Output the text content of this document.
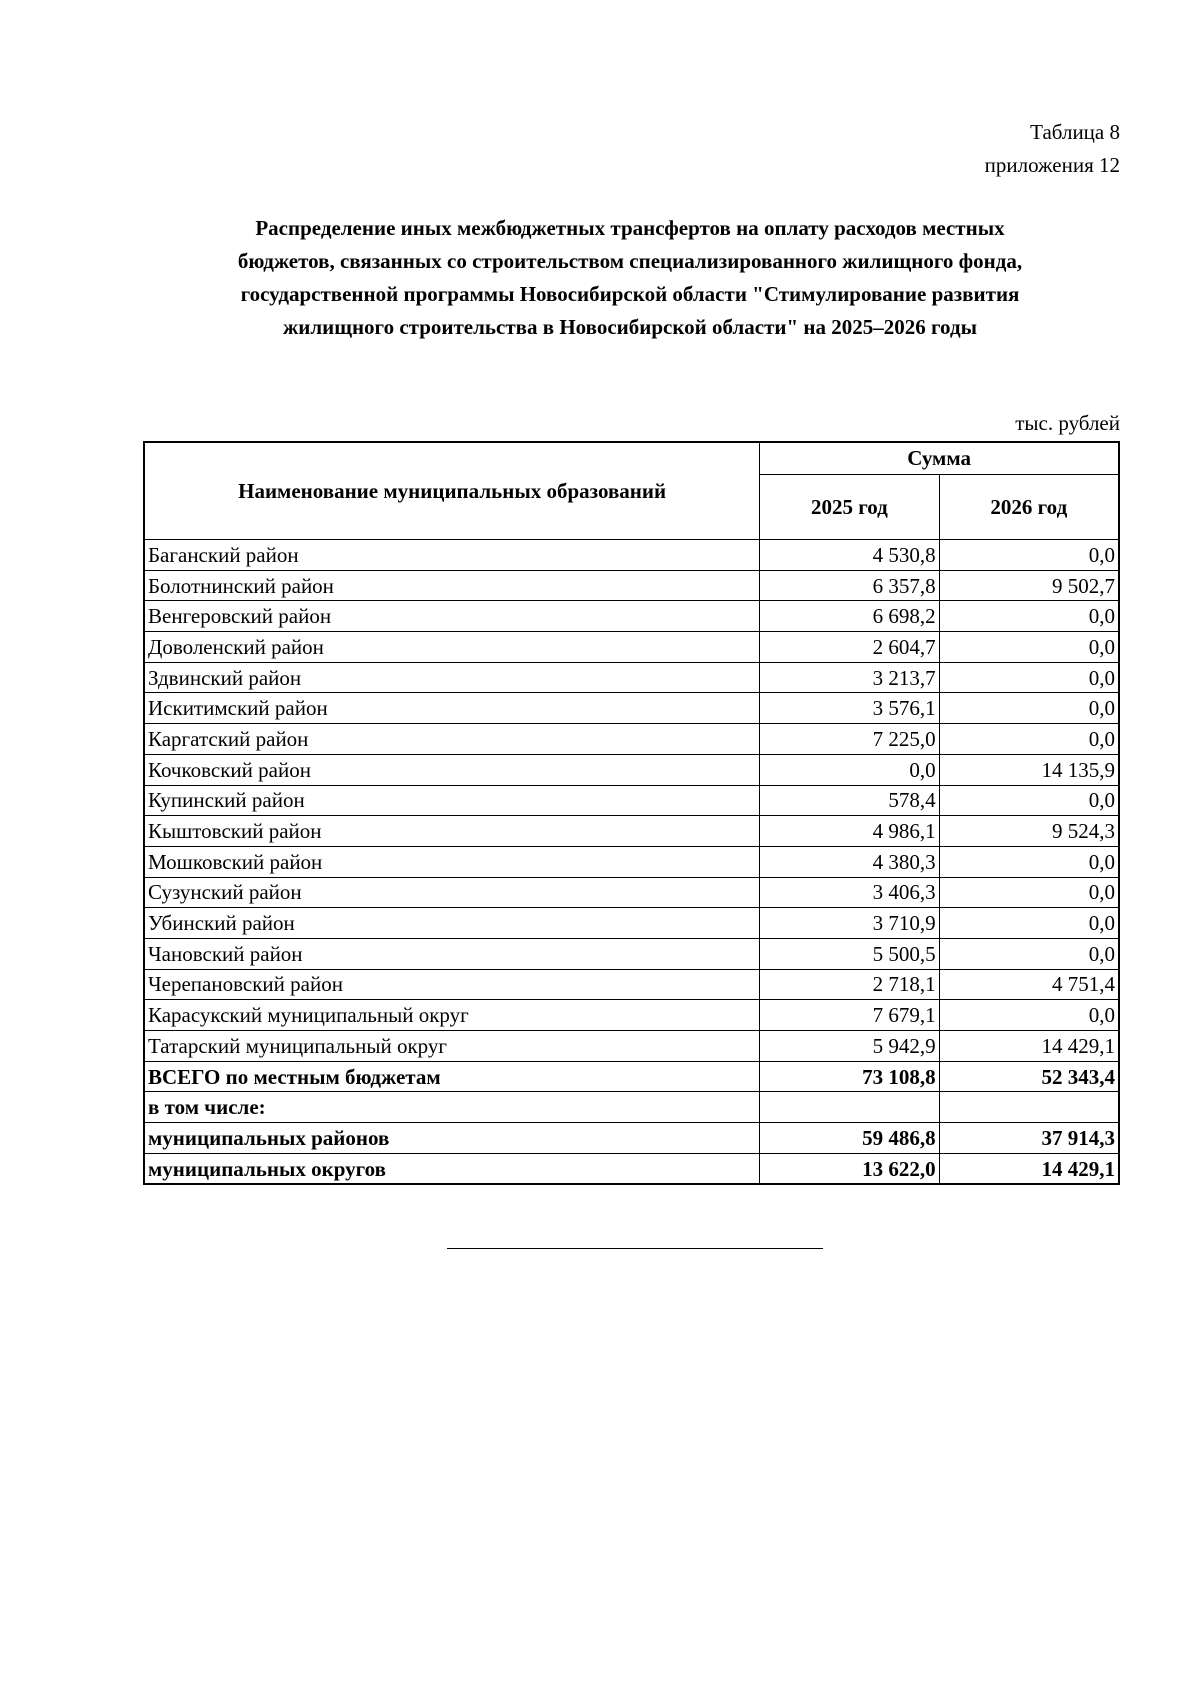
Таблица 8
приложения 12
Распределение иных межбюджетных трансфертов на оплату расходов местных
бюджетов, связанных со строительством специализированного жилищного фонда,
государственной программы Новосибирской области "Стимулирование развития
жилищного строительства в Новосибирской области" на 2025–2026 годы
тыс. рублей
Наименование муниципальных образований	Сумма	
	2025 год	2026 год
Баганский район	4 530,8	0,0
Болотнинский район	6 357,8	9 502,7
Венгеровский район	6 698,2	0,0
Доволенский район	2 604,7	0,0
Здвинский район	3 213,7	0,0
Искитимский район	3 576,1	0,0
Каргатский район	7 225,0	0,0
Кочковский район	0,0	14 135,9
Купинский район	578,4	0,0
Кыштовский район	4 986,1	9 524,3
Мошковский район	4 380,3	0,0
Сузунский район	3 406,3	0,0
Убинский район	3 710,9	0,0
Чановский район	5 500,5	0,0
Черепановский район	2 718,1	4 751,4
Карасукский муниципальный округ	7 679,1	0,0
Татарский муниципальный округ	5 942,9	14 429,1
ВСЕГО по местным бюджетам	73 108,8	52 343,4
в том числе:		
муниципальных районов	59 486,8	37 914,3
муниципальных округов	13 622,0	14 429,1
